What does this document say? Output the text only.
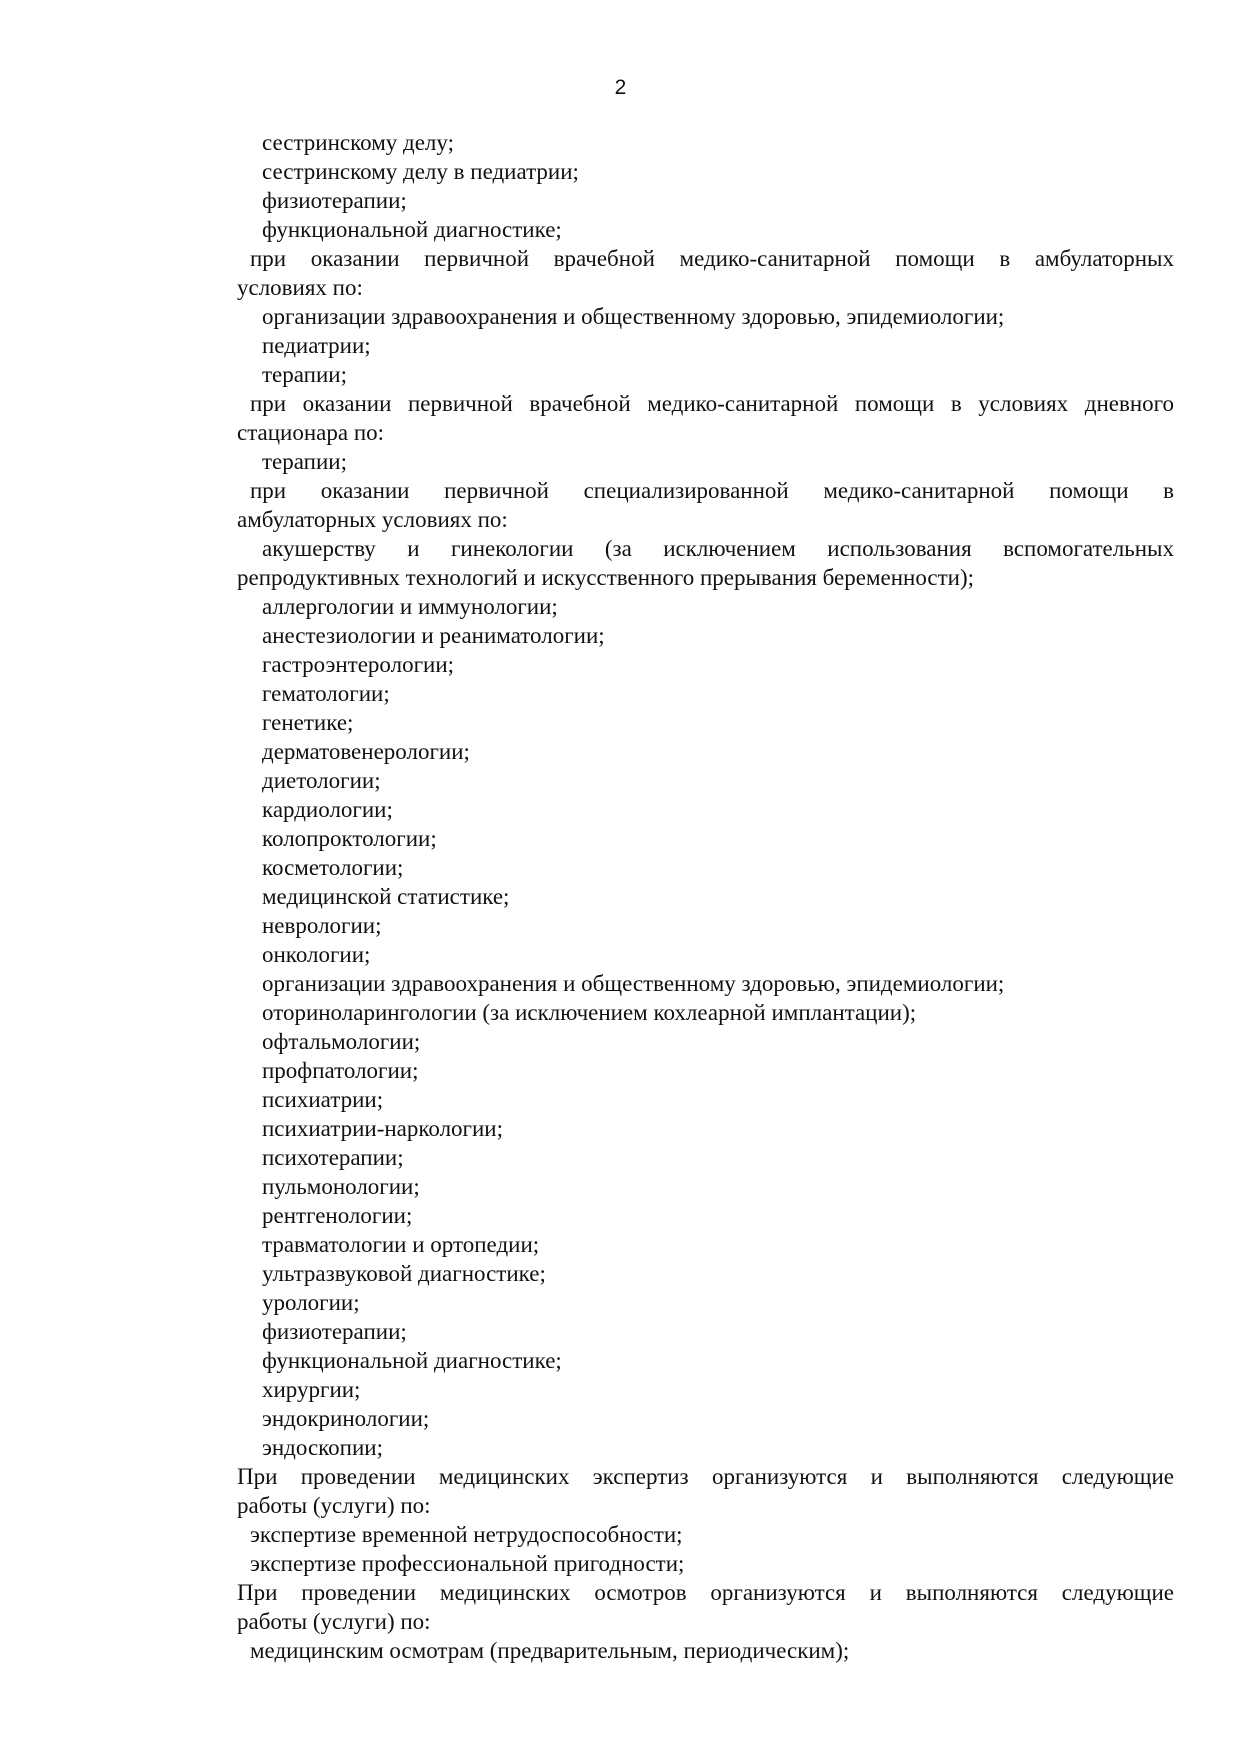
2
сестринскому делу;
сестринскому делу в педиатрии;
физиотерапии;
функциональной диагностике;
при оказании первичной врачебной медико-санитарной помощи в амбулаторных
условиях по:
организации здравоохранения и общественному здоровью, эпидемиологии;
педиатрии;
терапии;
при оказании первичной врачебной медико-санитарной помощи в условиях дневного
стационара по:
терапии;
при оказании первичной специализированной медико-санитарной помощи в
амбулаторных условиях по:
акушерству и гинекологии (за исключением использования вспомогательных
репродуктивных технологий и искусственного прерывания беременности);
аллергологии и иммунологии;
анестезиологии и реаниматологии;
гастроэнтерологии;
гематологии;
генетике;
дерматовенерологии;
диетологии;
кардиологии;
колопроктологии;
косметологии;
медицинской статистике;
неврологии;
онкологии;
организации здравоохранения и общественному здоровью, эпидемиологии;
оториноларингологии (за исключением кохлеарной имплантации);
офтальмологии;
профпатологии;
психиатрии;
психиатрии-наркологии;
психотерапии;
пульмонологии;
рентгенологии;
травматологии и ортопедии;
ультразвуковой диагностике;
урологии;
физиотерапии;
функциональной диагностике;
хирургии;
эндокринологии;
эндоскопии;
При проведении медицинских экспертиз организуются и выполняются следующие
работы (услуги) по:
экспертизе временной нетрудоспособности;
экспертизе профессиональной пригодности;
При проведении медицинских осмотров организуются и выполняются следующие
работы (услуги) по:
медицинским осмотрам (предварительным, периодическим);
